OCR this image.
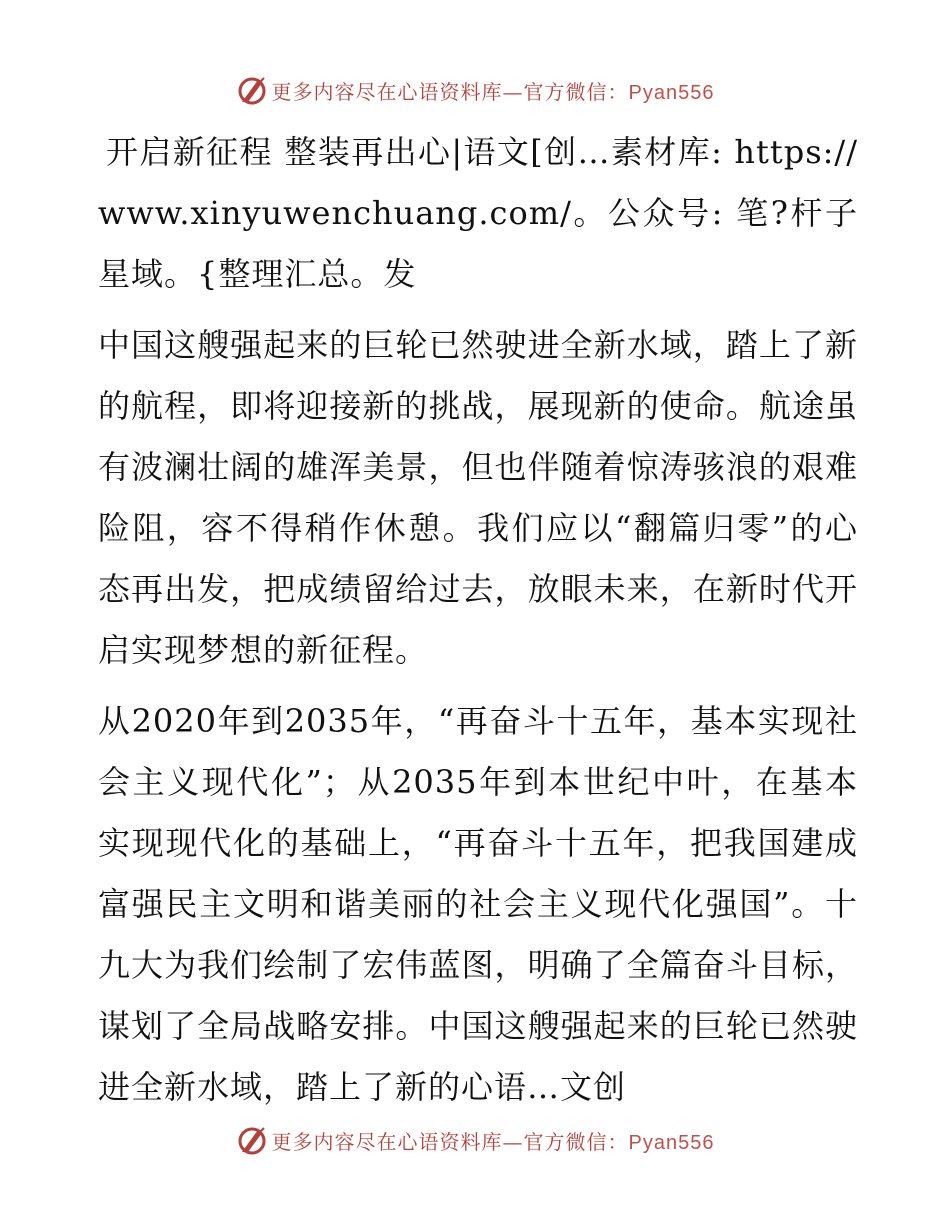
更多内容尽在心语资料库—官方微信：Pyan556

开启新征程 整装再出心|语文[创…素材库: https://www.xinyuwenchuang.com/。公众号: 笔?杆子星域。{整理汇总。发

中国这艘强起来的巨轮已然驶进全新水域，踏上了新的航程，即将迎接新的挑战，展现新的使命。航途虽有波澜壮阔的雄浑美景，但也伴随着惊涛骇浪的艰难险阻，容不得稍作休憩。我们应以“翻篇归零”的心态再出发，把成绩留给过去，放眼未来，在新时代开启实现梦想的新征程。

从2020年到2035年，“再奋斗十五年，基本实现社会主义现代化”；从2035年到本世纪中叶，在基本实现现代化的基础上，“再奋斗十五年，把我国建成富强民主文明和谐美丽的社会主义现代化强国”。十九大为我们绘制了宏伟蓝图，明确了全篇奋斗目标，谋划了全局战略安排。中国这艘强起来的巨轮已然驶进全新水域，踏上了新的心语…文创

更多内容尽在心语资料库—官方微信：Pyan556
